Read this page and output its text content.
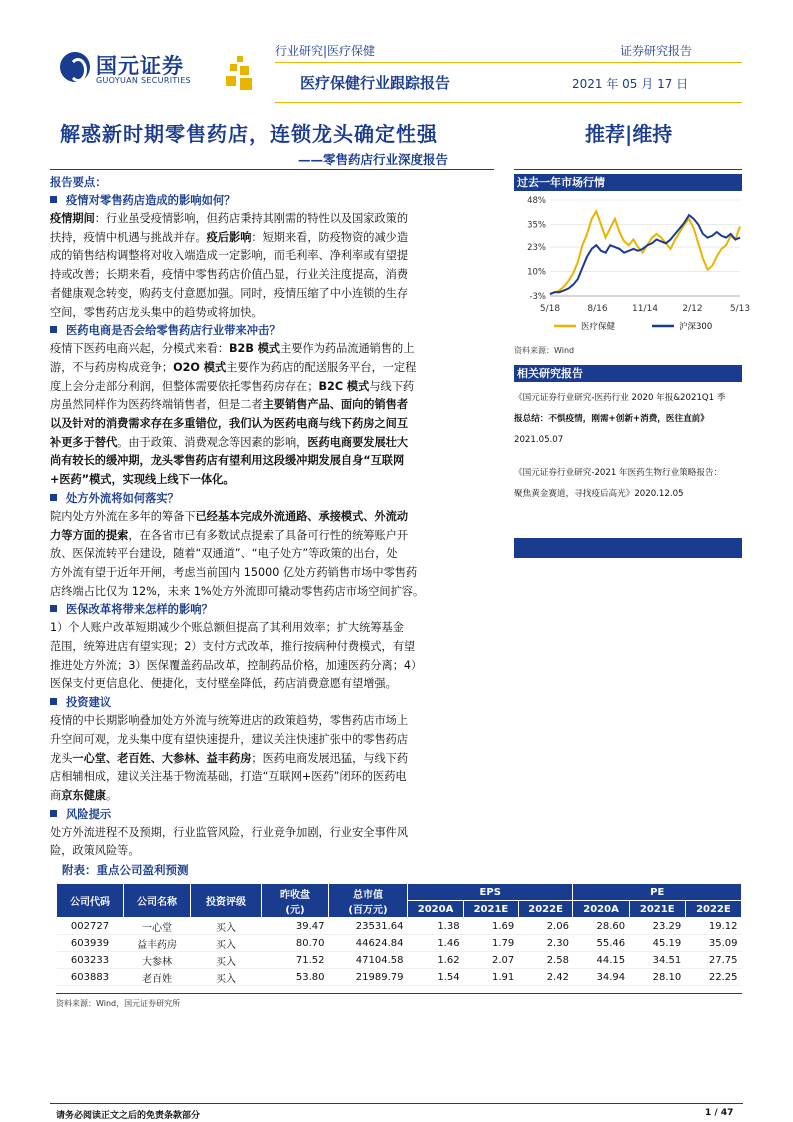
国元证券
GUOYUAN SECURITIES
行业研究|医疗保健	证券研究报告
医疗保健行业跟踪报告	2021 年 05 月 17 日
解惑新时期零售药店，连锁龙头确定性强	推荐|维持
——零售药店行业深度报告
报告要点：
疫情对零售药店造成的影响如何？

疫情期间：行业虽受疫情影响，但药店秉持其刚需的特性以及国家政策的
扶持，疫情中机遇与挑战并存。疫后影响：短期来看，防疫物资的减少造
成的销售结构调整将对收入端造成一定影响，而毛利率、净利率或有望提
持或改善；长期来看，疫情中零售药店价值凸显，行业关注度提高，消费
者健康观念转变，购药支付意愿加强。同时，疫情压缩了中小连锁的生存
空间，零售药店龙头集中的趋势或将加快。

医药电商是否会给零售药店行业带来冲击？

疫情下医药电商兴起，分模式来看：B2B 模式主要作为药品流通销售的上
游，不与药房构成竞争；O2O 模式主要作为药店的配送服务平台，一定程
度上会分走部分利润，但整体需要依托零售药房存在；B2C 模式与线下药
房虽然同样作为医药终端销售者，但是二者主要销售产品、面向的销售者
以及针对的消费需求存在多重错位，我们认为医药电商与线下药房之间互
补更多于替代。由于政策、消费观念等因素的影响，医药电商要发展壮大
尚有较长的缓冲期，龙头零售药店有望利用这段缓冲期发展自身“互联网
+医药”模式，实现线上线下一体化。

处方外流将如何落实？

院内处方外流在多年的筹备下已经基本完成外流通路、承接模式、外流动
力等方面的提索，在各省市已有多数试点提索了具备可行性的统筹账户开
放、医保流转平台建设，随着“双通道”、“电子处方”等政策的出台，处
方外流有望于近年开闸，考虑当前国内 15000 亿处方药销售市场中零售药
店终端占比仅为 12%，未来 1%处方外流即可撬动零售药店市场空间扩容。

医保改革将带来怎样的影响？

1）个人账户改革短期减少个账总额但提高了其利用效率；扩大统筹基金
范围，统筹进店有望实现；2）支付方式改革，推行按病种付费模式，有望
推进处方外流；3）医保覆盖药品改革，控制药品价格，加速医药分离；4）
医保支付更信息化、便捷化，支付壁垒降低，药店消费意愿有望增强。

投资建议

疫情的中长期影响叠加处方外流与统筹进店的政策趋势，零售药店市场上
升空间可观，龙头集中度有望快速提升，建议关注快速扩张中的零售药店
龙头一心堂、老百姓、大参林、益丰药房；医药电商发展迅猛，与线下药
店相辅相成，建议关注基于物流基础，打造“互联网+医药”闭环的医药电
商京东健康。

风险提示

处方外流进程不及预期，行业监管风险，行业竞争加剧，行业安全事件风
险，政策风险等。

过去一年市场行情
5/18	8/16	11/14	2/12	5/13
-3%
10%
23%
35%
48%
医疗保健	沪深300
资料来源：Wind
相关研究报告
《国元证券行业研究-医药行业 2020 年报&2021Q1 季
报总结：不惧疫情，刚需+创新+消费，医往直前》
2021.05.07
《国元证券行业研究-2021 年医药生物行业策略报告：
聚焦黄金赛道，寻找疫后高光》2020.12.05
附表：重点公司盈利预测
公司代码	公司名称	投资评级	昨收盘
(元)	总市值
(百万元)	EPS			PE		
					2020A	2021E	2022E	2020A	2021E	2022E
002727	一心堂	买入	39.47	23531.64	1.38	1.69	2.06	28.60	23.29	19.12
603939	益丰药房	买入	80.70	44624.84	1.46	1.79	2.30	55.46	45.19	35.09
603233	大参林	买入	71.52	47104.58	1.62	2.07	2.58	44.15	34.51	27.75
603883	老百姓	买入	53.80	21989.79	1.54	1.91	2.42	34.94	28.10	22.25
资料来源：Wind，国元证券研究所
请务必阅读正文之后的免责条款部分	1 / 47
